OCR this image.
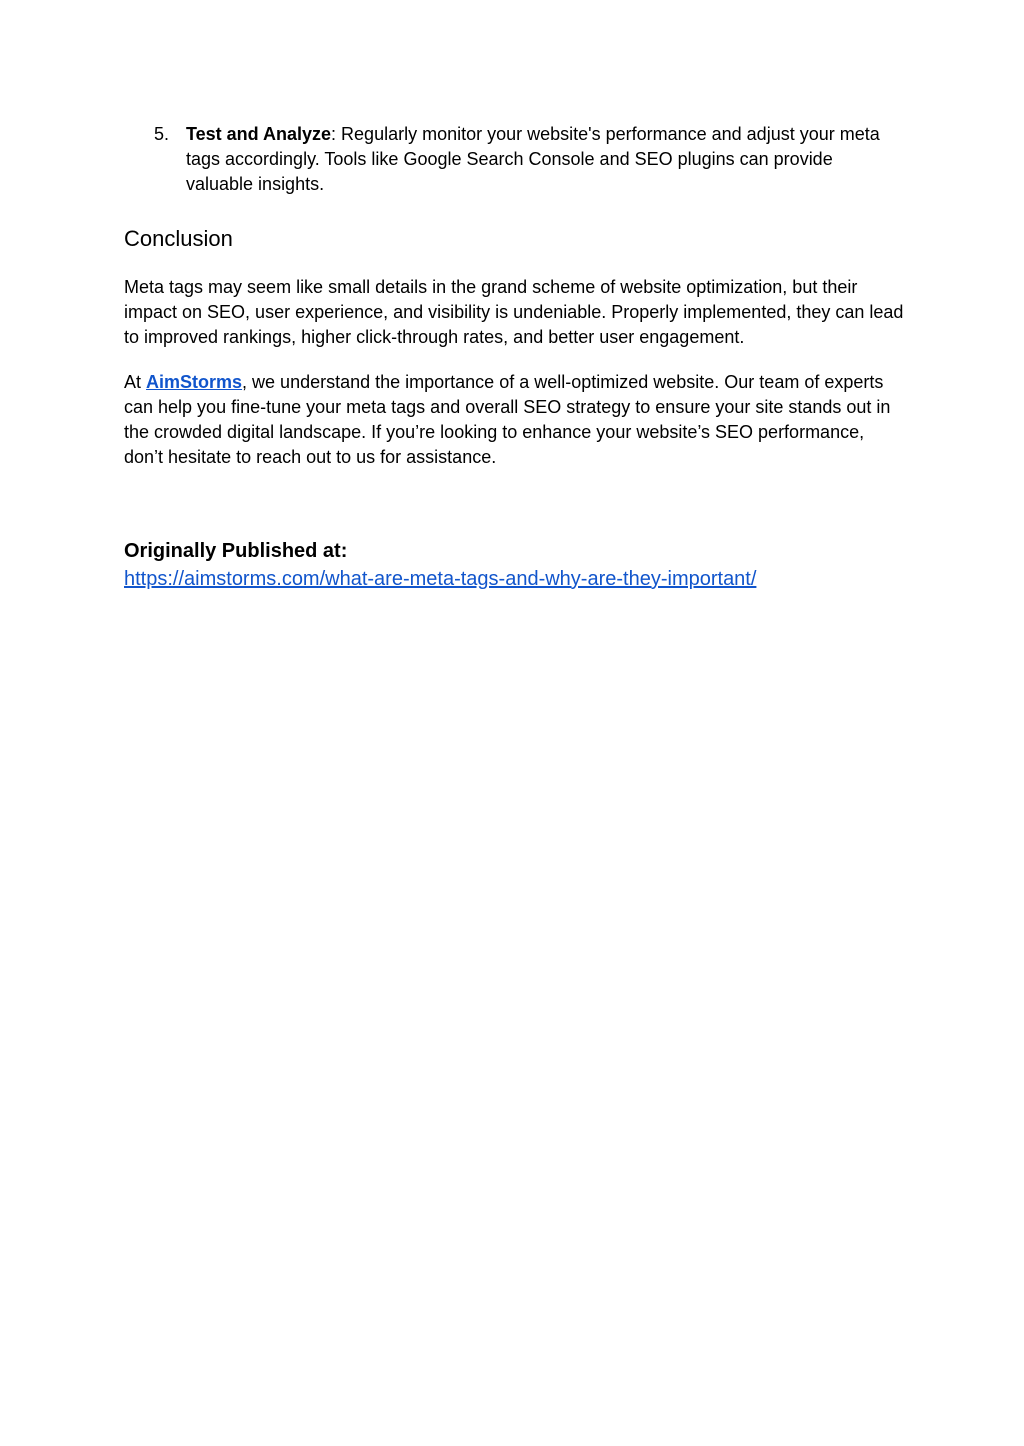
5. Test and Analyze: Regularly monitor your website's performance and adjust your meta tags accordingly. Tools like Google Search Console and SEO plugins can provide valuable insights.
Conclusion

Meta tags may seem like small details in the grand scheme of website optimization, but their impact on SEO, user experience, and visibility is undeniable. Properly implemented, they can lead to improved rankings, higher click-through rates, and better user engagement.

At AimStorms, we understand the importance of a well-optimized website. Our team of experts can help you fine-tune your meta tags and overall SEO strategy to ensure your site stands out in the crowded digital landscape. If you’re looking to enhance your website’s SEO performance, don’t hesitate to reach out to us for assistance.

Originally Published at:
https://aimstorms.com/what-are-meta-tags-and-why-are-they-important/
